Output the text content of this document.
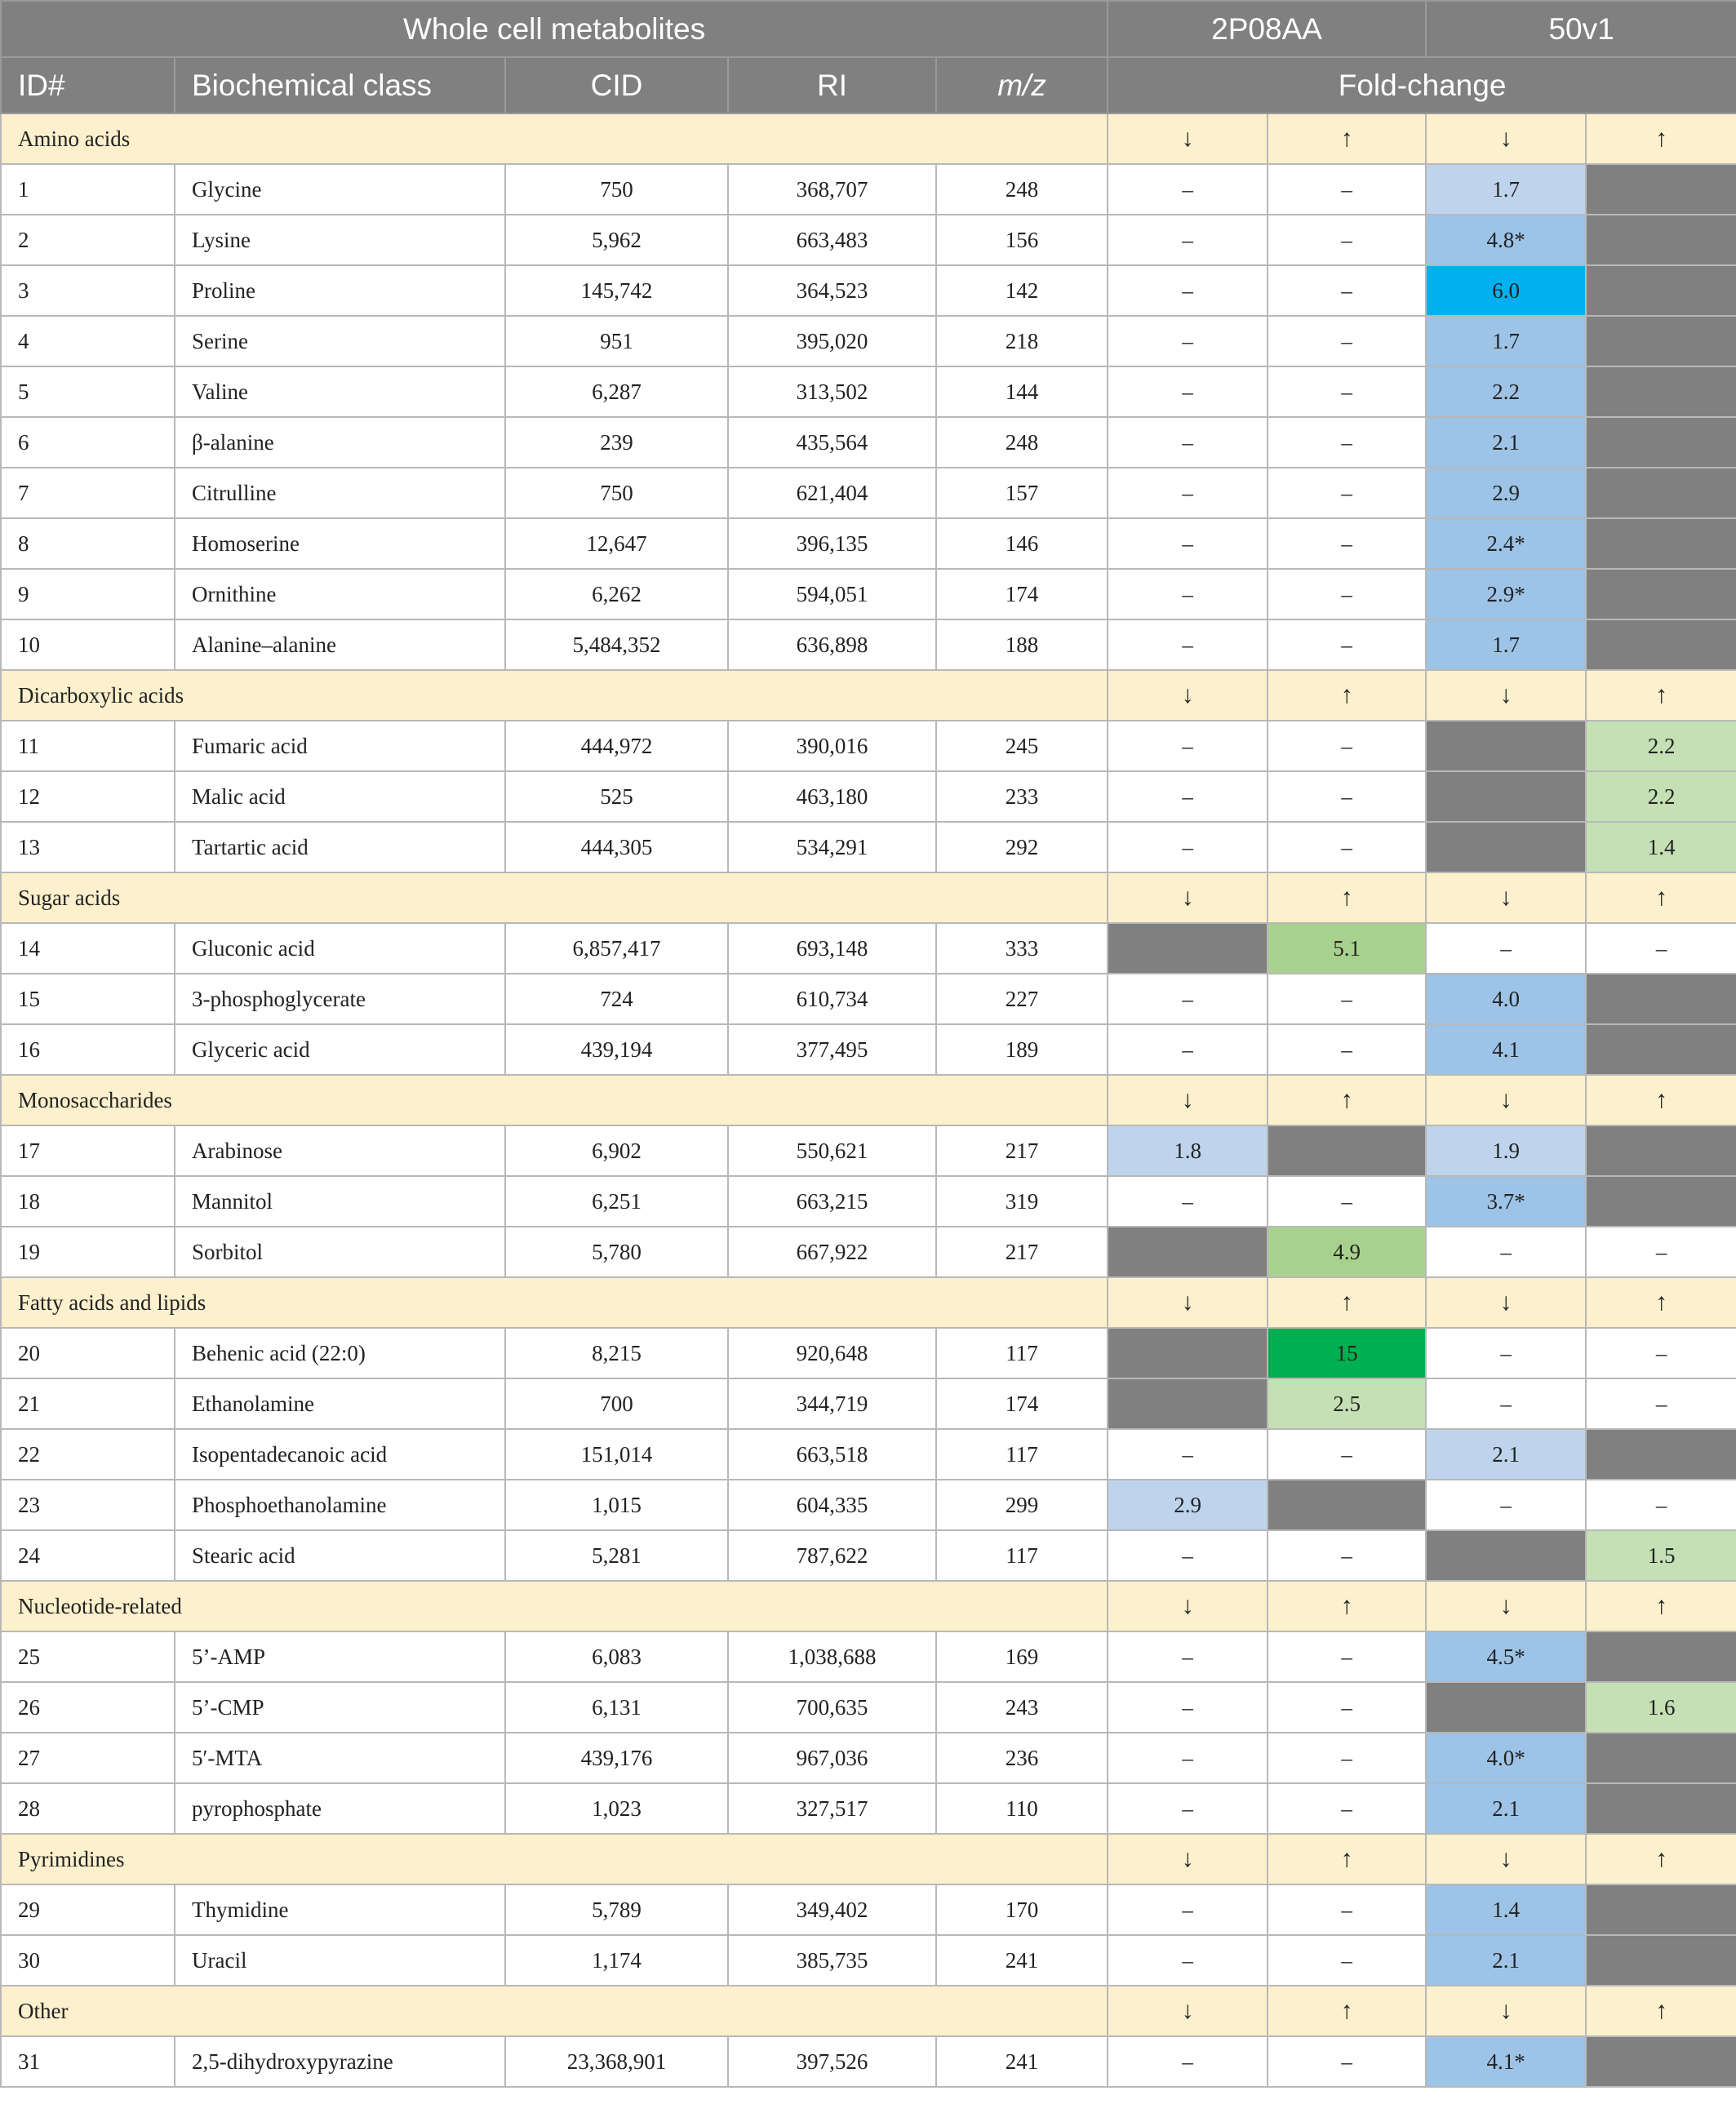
Whole cell metabolites					2P08AA		50v1	
ID#	Biochemical class	CID	RI	m/z	Fold-change			
Amino acids					↓	↑	↓	↑
1	Glycine	750	368,707	248	–	–	1.7	
2	Lysine	5,962	663,483	156	–	–	4.8*	
3	Proline	145,742	364,523	142	–	–	6.0	
4	Serine	951	395,020	218	–	–	1.7	
5	Valine	6,287	313,502	144	–	–	2.2	
6	β-alanine	239	435,564	248	–	–	2.1	
7	Citrulline	750	621,404	157	–	–	2.9	
8	Homoserine	12,647	396,135	146	–	–	2.4*	
9	Ornithine	6,262	594,051	174	–	–	2.9*	
10	Alanine–alanine	5,484,352	636,898	188	–	–	1.7	
Dicarboxylic acids					↓	↑	↓	↑
11	Fumaric acid	444,972	390,016	245	–	–		2.2
12	Malic acid	525	463,180	233	–	–		2.2
13	Tartartic acid	444,305	534,291	292	–	–		1.4
Sugar acids					↓	↑	↓	↑
14	Gluconic acid	6,857,417	693,148	333		5.1	–	–
15	3-phosphoglycerate	724	610,734	227	–	–	4.0	
16	Glyceric acid	439,194	377,495	189	–	–	4.1	
Monosaccharides					↓	↑	↓	↑
17	Arabinose	6,902	550,621	217	1.8		1.9	
18	Mannitol	6,251	663,215	319	–	–	3.7*	
19	Sorbitol	5,780	667,922	217		4.9	–	–
Fatty acids and lipids					↓	↑	↓	↑
20	Behenic acid (22:0)	8,215	920,648	117		15	–	–
21	Ethanolamine	700	344,719	174		2.5	–	–
22	Isopentadecanoic acid	151,014	663,518	117	–	–	2.1	
23	Phosphoethanolamine	1,015	604,335	299	2.9		–	–
24	Stearic acid	5,281	787,622	117	–	–		1.5
Nucleotide-related					↓	↑	↓	↑
25	5’-AMP	6,083	1,038,688	169	–	–	4.5*	
26	5’-CMP	6,131	700,635	243	–	–		1.6
27	5′-MTA	439,176	967,036	236	–	–	4.0*	
28	pyrophosphate	1,023	327,517	110	–	–	2.1	
Pyrimidines					↓	↑	↓	↑
29	Thymidine	5,789	349,402	170	–	–	1.4	
30	Uracil	1,174	385,735	241	–	–	2.1	
Other					↓	↑	↓	↑
31	2,5-dihydroxypyrazine	23,368,901	397,526	241	–	–	4.1*	
